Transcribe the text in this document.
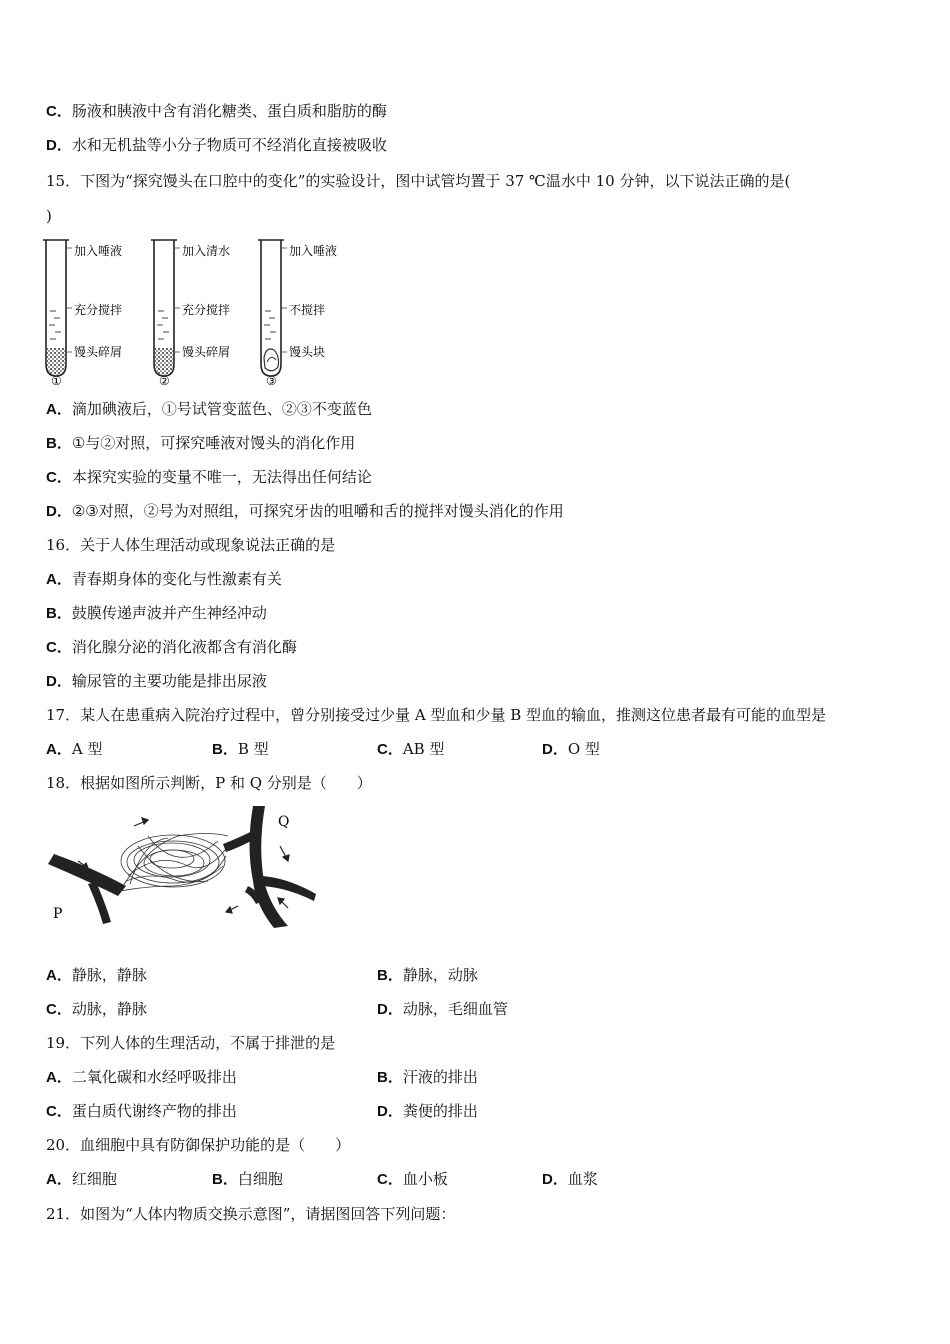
C．肠液和胰液中含有消化糖类、蛋白质和脂肪的酶
D．水和无机盐等小分子物质可不经消化直接被吸收
15．下图为“探究馒头在口腔中的变化”的实验设计，图中试管均置于 37 ℃温水中 10 分钟，以下说法正确的是(
)
加入唾液
充分搅拌
馒头碎屑
①
加入清水
充分搅拌
馒头碎屑
②
加入唾液
不搅拌
馒头块
③
A．滴加碘液后，①号试管变蓝色、②③不变蓝色
B．①与②对照，可探究唾液对馒头的消化作用
C．本探究实验的变量不唯一，无法得出任何结论
D．②③对照，②号为对照组，可探究牙齿的咀嚼和舌的搅拌对馒头消化的作用
16．关于人体生理活动或现象说法正确的是
A．青春期身体的变化与性激素有关
B．鼓膜传递声波并产生神经冲动
C．消化腺分泌的消化液都含有消化酶
D．输尿管的主要功能是排出尿液
17．某人在患重病入院治疗过程中，曾分别接受过少量 A 型血和少量 B 型血的输血，推测这位患者最有可能的血型是
A．A 型	B．B 型	C．AB 型	D．O 型
18．根据如图所示判断，P 和 Q 分别是（　　）
P
Q
A．静脉，静脉	B．静脉，动脉
C．动脉，静脉	D．动脉，毛细血管
19．下列人体的生理活动，不属于排泄的是
A．二氧化碳和水经呼吸排出	B．汗液的排出
C．蛋白质代谢终产物的排出	D．粪便的排出
20．血细胞中具有防御保护功能的是（　　）
A．红细胞	B．白细胞	C．血小板	D．血浆
21．如图为“人体内物质交换示意图”，请据图回答下列问题：
